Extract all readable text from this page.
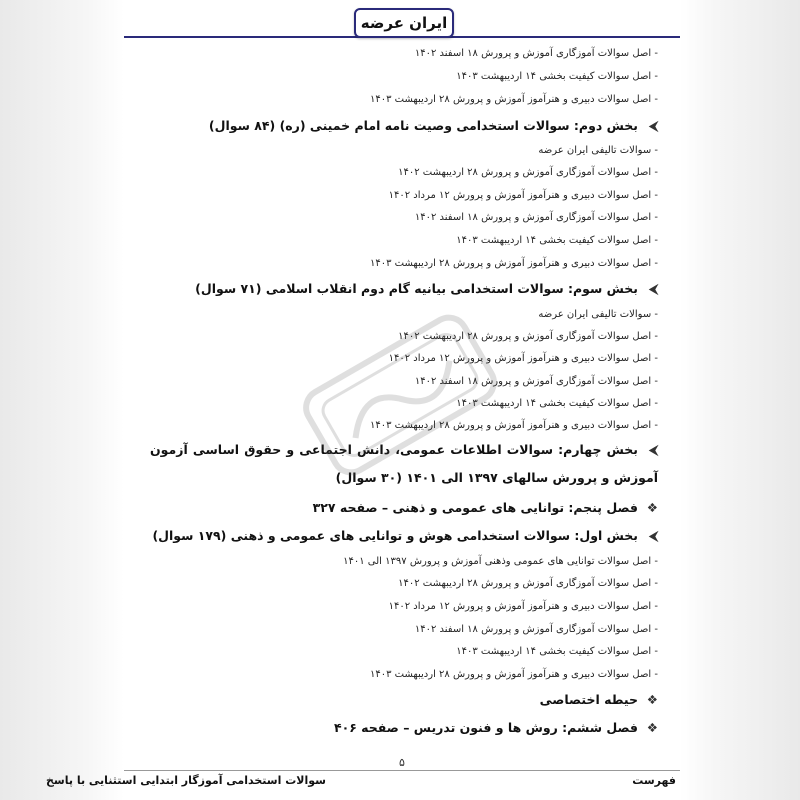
ایران عرضه
- اصل سوالات آموزگاری آموزش و پرورش ۱۸ اسفند ۱۴۰۲
- اصل سوالات کیفیت بخشی ۱۴ اردیبهشت ۱۴۰۳
- اصل سوالات دبیری و هنرآموز آموزش و پرورش ۲۸ اردیبهشت ۱۴۰۳
⮜بخش دوم: سوالات استخدامی وصیت نامه امام خمینی (ره) (۸۴ سوال)
- سوالات تالیفی ایران عرضه
- اصل سوالات آموزگاری آموزش و پرورش ۲۸ اردیبهشت ۱۴۰۲
- اصل سوالات دبیری و هنرآموز آموزش و پرورش ۱۲ مرداد ۱۴۰۲
- اصل سوالات آموزگاری آموزش و پرورش ۱۸ اسفند ۱۴۰۲
- اصل سوالات کیفیت بخشی ۱۴ اردیبهشت ۱۴۰۳
- اصل سوالات دبیری و هنرآموز آموزش و پرورش ۲۸ اردیبهشت ۱۴۰۳
⮜بخش سوم: سوالات استخدامی بیانیه گام دوم انقلاب اسلامی (۷۱ سوال)
- سوالات تالیفی ایران عرضه
- اصل سوالات آموزگاری آموزش و پرورش ۲۸ اردیبهشت ۱۴۰۲
- اصل سوالات دبیری و هنرآموز آموزش و پرورش ۱۲ مرداد ۱۴۰۲
- اصل سوالات آموزگاری آموزش و پرورش ۱۸ اسفند ۱۴۰۲
- اصل سوالات کیفیت بخشی ۱۴ اردیبهشت ۱۴۰۳
- اصل سوالات دبیری و هنرآموز آموزش و پرورش ۲۸ اردیبهشت ۱۴۰۳
⮜بخش چهارم: سوالات اطلاعات عمومی، دانش اجتماعی و حقوق اساسی آزمون آموزش و پرورش سالهای ۱۳۹۷ الی ۱۴۰۱ (۳۰ سوال)
❖فصل پنجم: توانایی های عمومی و ذهنی – صفحه ۳۲۷
⮜بخش اول: سوالات استخدامی هوش و توانایی های عمومی و ذهنی (۱۷۹ سوال)
- اصل سوالات توانایی های عمومی وذهنی آموزش و پرورش ۱۳۹۷ الی ۱۴۰۱
- اصل سوالات آموزگاری آموزش و پرورش ۲۸ اردیبهشت ۱۴۰۲
- اصل سوالات دبیری و هنرآموز آموزش و پرورش ۱۲ مرداد ۱۴۰۲
- اصل سوالات آموزگاری آموزش و پرورش ۱۸ اسفند ۱۴۰۲
- اصل سوالات کیفیت بخشی ۱۴ اردیبهشت ۱۴۰۳
- اصل سوالات دبیری و هنرآموز آموزش و پرورش ۲۸ اردیبهشت ۱۴۰۳
❖حیطه اختصاصی
❖فصل ششم: روش ها و فنون تدریس – صفحه ۴۰۶
۵
سوالات استخدامی آموزگار ابتدایی استثنایی با پاسخ	فهرست
